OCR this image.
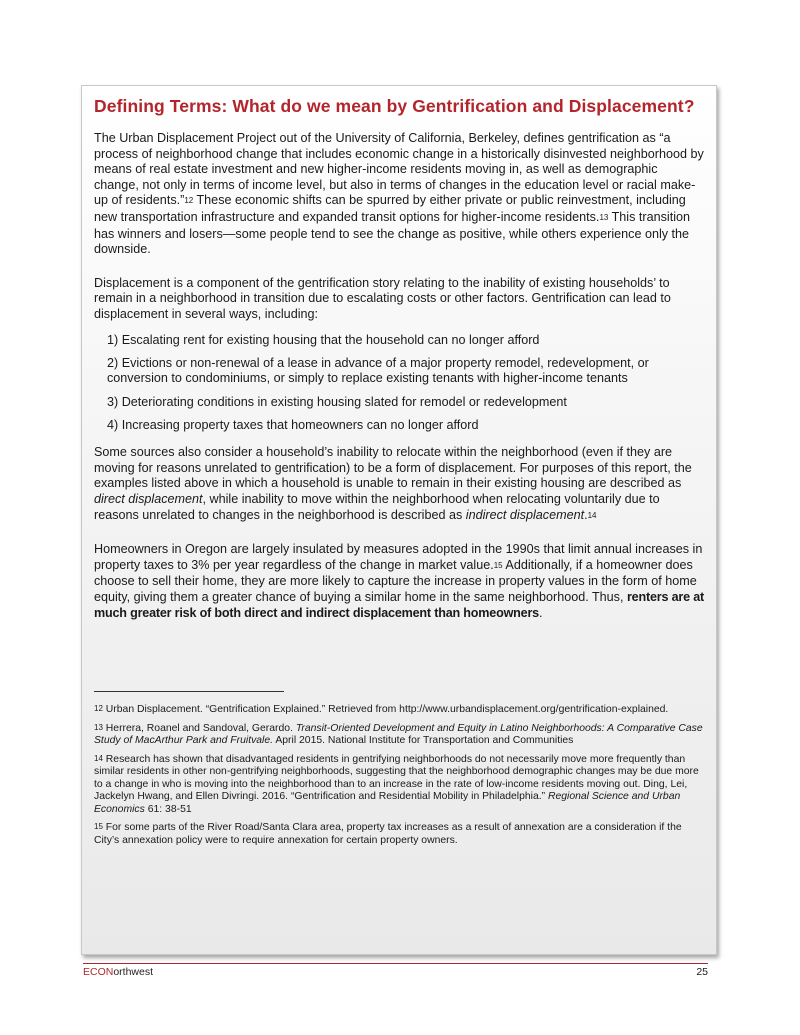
Defining Terms: What do we mean by Gentrification and Displacement?

The Urban Displacement Project out of the University of California, Berkeley, defines gentrification as “a process of neighborhood change that includes economic change in a historically disinvested neighborhood by means of real estate investment and new higher-income residents moving in, as well as demographic change, not only in terms of income level, but also in terms of changes in the education level or racial make-up of residents.”$^{12}$ These economic shifts can be spurred by either private or public reinvestment, including new transportation infrastructure and expanded transit options for higher-income residents.$^{13}$ This transition has winners and losers—some people tend to see the change as positive, while others experience only the downside.

Displacement is a component of the gentrification story relating to the inability of existing households’ to remain in a neighborhood in transition due to escalating costs or other factors. Gentrification can lead to displacement in several ways, including:

1) Escalating rent for existing housing that the household can no longer afford
2) Evictions or non-renewal of a lease in advance of a major property remodel, redevelopment, or conversion to condominiums, or simply to replace existing tenants with higher-income tenants
3) Deteriorating conditions in existing housing slated for remodel or redevelopment
4) Increasing property taxes that homeowners can no longer afford

Some sources also consider a household’s inability to relocate within the neighborhood (even if they are moving for reasons unrelated to gentrification) to be a form of displacement. For purposes of this report, the examples listed above in which a household is unable to remain in their existing housing are described as direct displacement, while inability to move within the neighborhood when relocating voluntarily due to reasons unrelated to changes in the neighborhood is described as indirect displacement.$^{14}$

Homeowners in Oregon are largely insulated by measures adopted in the 1990s that limit annual increases in property taxes to 3% per year regardless of the change in market value.$^{15}$ Additionally, if a homeowner does choose to sell their home, they are more likely to capture the increase in property values in the form of home equity, giving them a greater chance of buying a similar home in the same neighborhood. Thus, renters are at much greater risk of both direct and indirect displacement than homeowners.

$^{12}$ Urban Displacement. “Gentrification Explained.” Retrieved from http://www.urbandisplacement.org/gentrification-explained.

$^{13}$ Herrera, Roanel and Sandoval, Gerardo. Transit-Oriented Development and Equity in Latino Neighborhoods: A Comparative Case Study of MacArthur Park and Fruitvale. April 2015. National Institute for Transportation and Communities

$^{14}$ Research has shown that disadvantaged residents in gentrifying neighborhoods do not necessarily move more frequently than similar residents in other non-gentrifying neighborhoods, suggesting that the neighborhood demographic changes may be due more to a change in who is moving into the neighborhood than to an increase in the rate of low-income residents moving out. Ding, Lei, Jackelyn Hwang, and Ellen Divringi. 2016. “Gentrification and Residential Mobility in Philadelphia.” Regional Science and Urban Economics 61: 38-51

$^{15}$ For some parts of the River Road/Santa Clara area, property tax increases as a result of annexation are a consideration if the City’s annexation policy were to require annexation for certain property owners.

ECONorthwest	25
